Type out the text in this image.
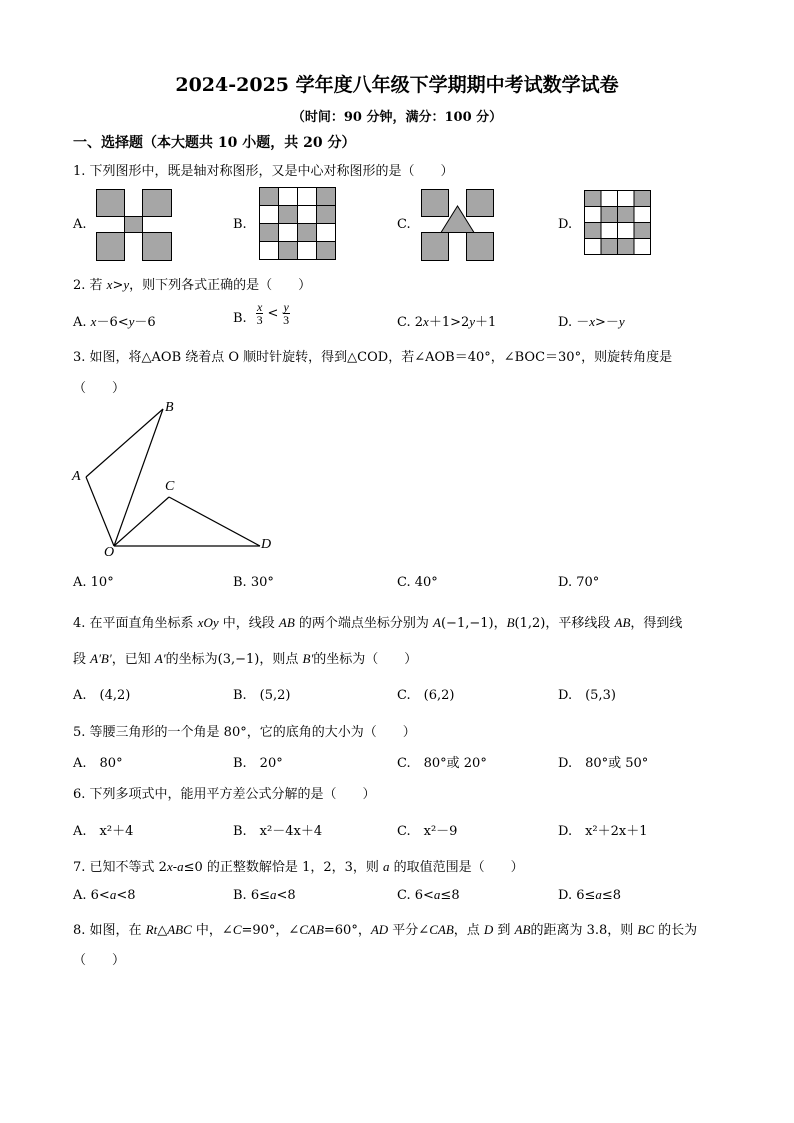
2024-2025 学年度八年级下学期期中考试数学试卷
（时间：90 分钟，满分：100 分）
一、选择题（本大题共 10 小题，共 20 分）
1. 下列图形中，既是轴对称图形，又是中心对称图形的是（　　）
A.	B.	C.	D.
2. 若 x>y，则下列各式正确的是（　　）
A. x－6<y－6	B. $\frac{x}{3} < \frac{y}{3}$	C. 2x＋1>2y＋1	D. －x>－y
3. 如图，将△AOB 绕着点 O 顺时针旋转，得到△COD，若∠AOB＝40°，∠BOC＝30°，则旋转角度是
（　　）
B
A
C
O
D
A. 10°	B. 30°	C. 40°	D. 70°
4. 在平面直角坐标系 xOy 中，线段 AB 的两个端点坐标分别为 A(−1,−1)，B(1,2)，平移线段 AB，得到线
段 A′B′，已知 A′的坐标为(3,−1)，则点 B′的坐标为（　　）
A.　(4,2)	B.　(5,2)	C.　(6,2)	D.　(5,3)
5. 等腰三角形的一个角是 80°，它的底角的大小为（　　）
A.　80°	B.　20°	C.　80°或 20°	D.　80°或 50°
6. 下列多项式中，能用平方差公式分解的是（　　）
A.　x²＋4	B.　x²－4x＋4	C.　x²－9	D.　x²＋2x＋1
7. 已知不等式 2x-a≤0 的正整数解恰是 1，2，3，则 a 的取值范围是（　　）
A. 6<a<8	B. 6≤a<8	C. 6<a≤8	D. 6≤a≤8
8. 如图，在 Rt△ABC 中，∠C=90°，∠CAB=60°，AD 平分∠CAB，点 D 到 AB的距离为 3.8，则 BC 的长为
（　　）
